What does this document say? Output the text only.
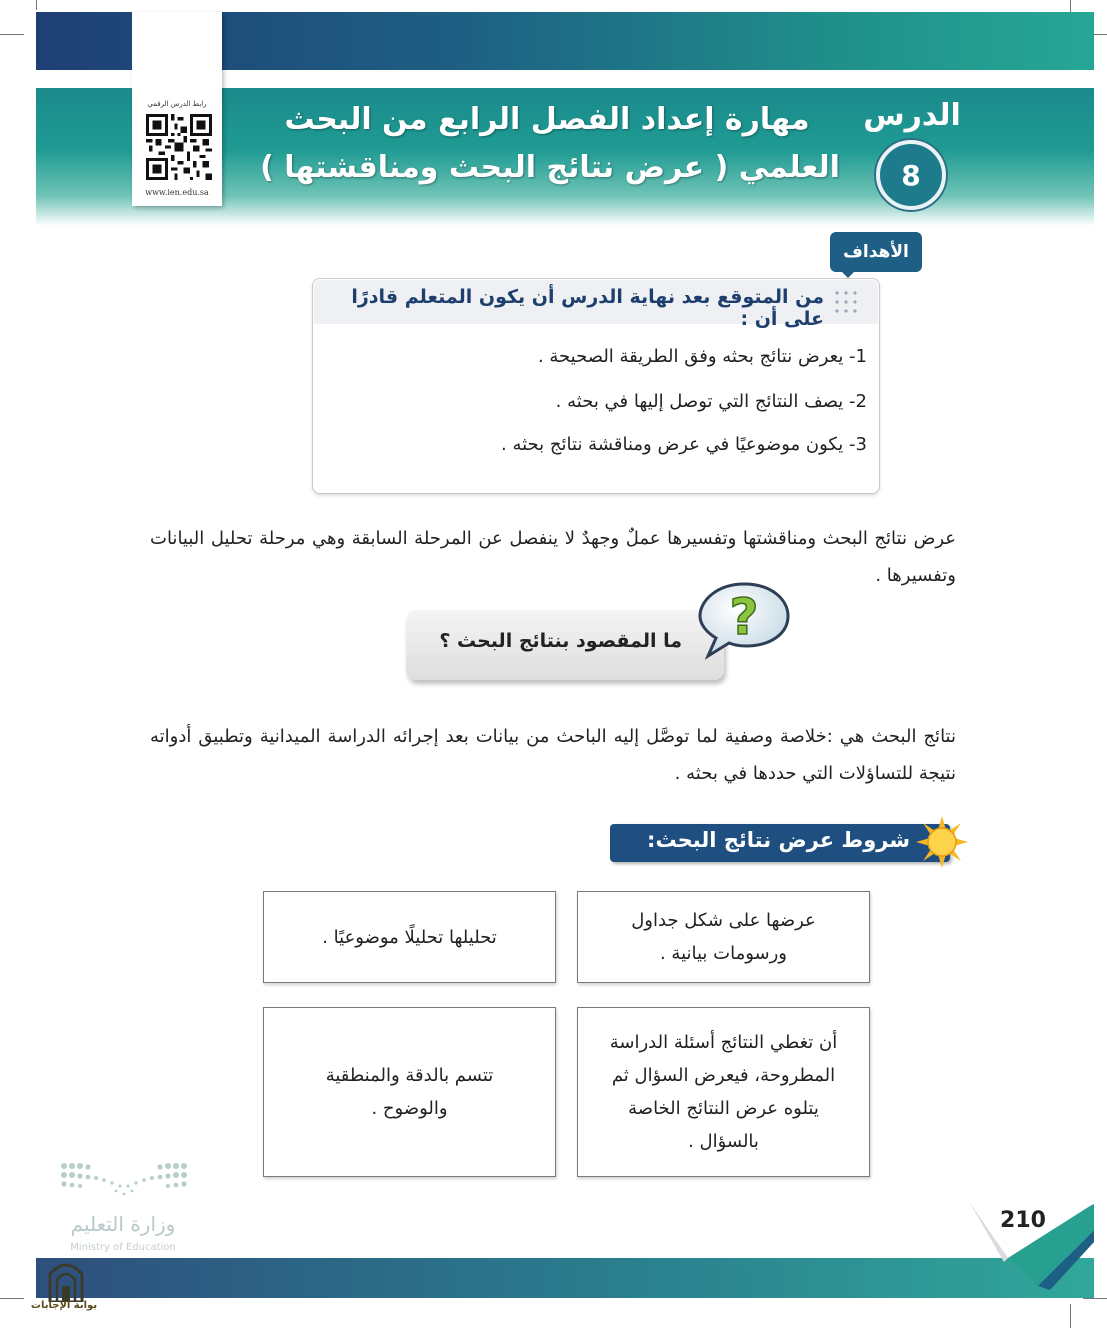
رابط الدرس الرقمي
www.ien.edu.sa
الدرس
8
مهارة إعداد الفصل الرابع من البحث
العلمي ( عرض نتائج البحث ومناقشتها )
من المتوقع بعد نهاية الدرس أن يكون المتعلم قادرًا على أن :
الأهداف
1- يعرض نتائج بحثه وفق الطريقة الصحيحة .
2- يصف النتائج التي توصل إليها في بحثه .
3- يكون موضوعيًا في عرض ومناقشة نتائج بحثه .
عرض نتائج البحث ومناقشتها وتفسيرها عملٌ وجهدٌ لا ينفصل عن المرحلة السابقة وهي مرحلة تحليل البيانات وتفسيرها .
ما المقصود بنتائج البحث ؟ ?
نتائج البحث هي :خلاصة وصفية لما توصَّل إليه الباحث من بيانات بعد إجرائه الدراسة الميدانية وتطبيق أدواته نتيجة للتساؤلات التي حددها في بحثه .
شروط عرض نتائج البحث:
عرضها على شكل جداول ورسومات بيانية .
تحليلها تحليلًا موضوعيًا .
أن تغطي النتائج أسئلة الدراسة المطروحة، فيعرض السؤال ثم يتلوه عرض النتائج الخاصة بالسؤال .
تتسم بالدقة والمنطقية والوضوح .
وزارة التعليم
Ministry of Education
210
بوابة الإجابات
